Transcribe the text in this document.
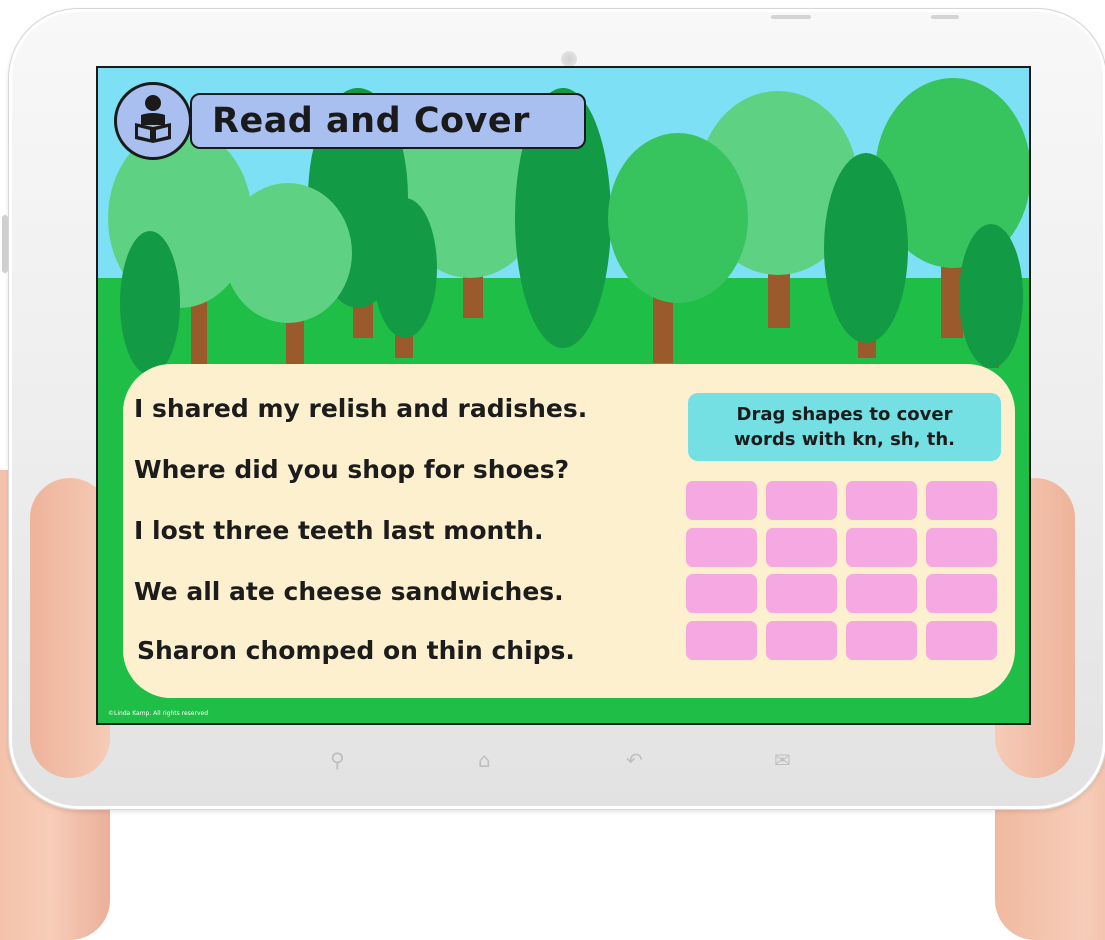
Read and Cover
I shared my relish and radishes.
Where did you shop for shoes?
I lost three teeth last month.
We all ate cheese sandwiches.
Sharon chomped on thin chips.
Drag shapes to cover
words with kn, sh, th.
©Linda Kamp. All rights reserved
⚲	⌂	↶	✉
